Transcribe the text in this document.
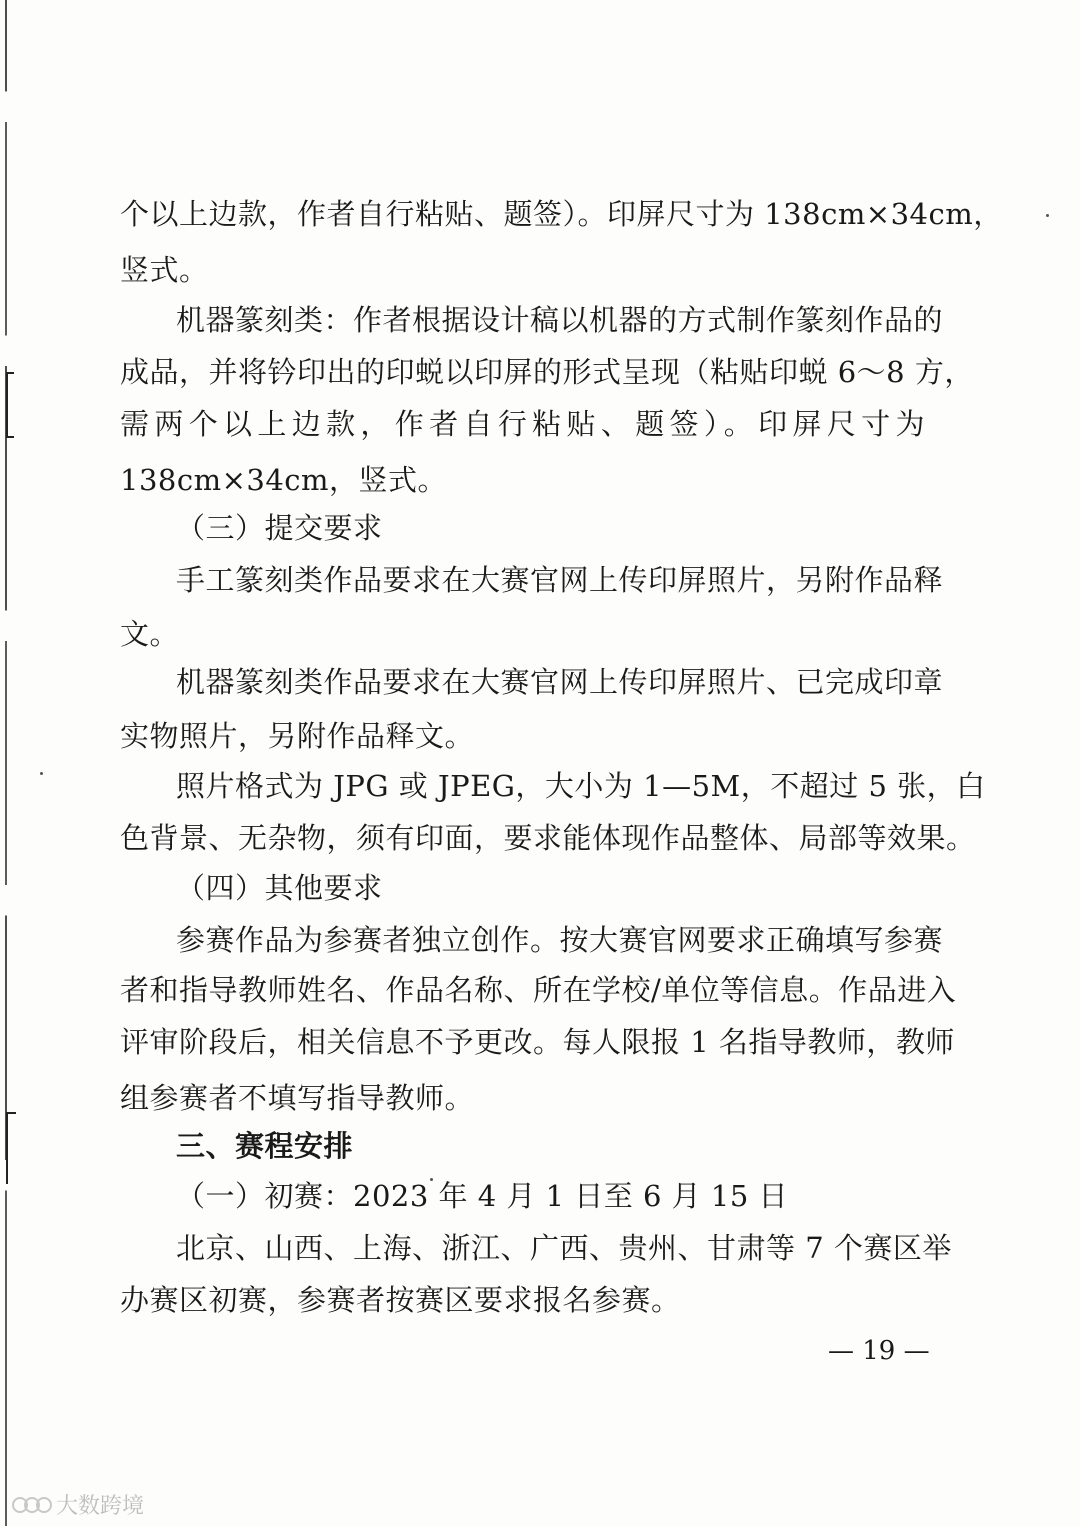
个以上边款，作者自行粘贴、题签）。印屏尺寸为 138cm×34cm，
竖式。
机器篆刻类：作者根据设计稿以机器的方式制作篆刻作品的
成品，并将钤印出的印蜕以印屏的形式呈现（粘贴印蜕 6～8 方，
需两个以上边款，作者自行粘贴、题签）。印屏尺寸为
138cm×34cm，竖式。
（三）提交要求
手工篆刻类作品要求在大赛官网上传印屏照片，另附作品释
文。
机器篆刻类作品要求在大赛官网上传印屏照片、已完成印章
实物照片，另附作品释文。
照片格式为 JPG 或 JPEG，大小为 1—5M，不超过 5 张，白
色背景、无杂物，须有印面，要求能体现作品整体、局部等效果。
（四）其他要求
参赛作品为参赛者独立创作。按大赛官网要求正确填写参赛
者和指导教师姓名、作品名称、所在学校/单位等信息。作品进入
评审阶段后，相关信息不予更改。每人限报 1 名指导教师，教师
组参赛者不填写指导教师。
三、赛程安排
（一）初赛：2023 年 4 月 1 日至 6 月 15 日
北京、山西、上海、浙江、广西、贵州、甘肃等 7 个赛区举
办赛区初赛，参赛者按赛区要求报名参赛。
— 19 —
大数跨境
